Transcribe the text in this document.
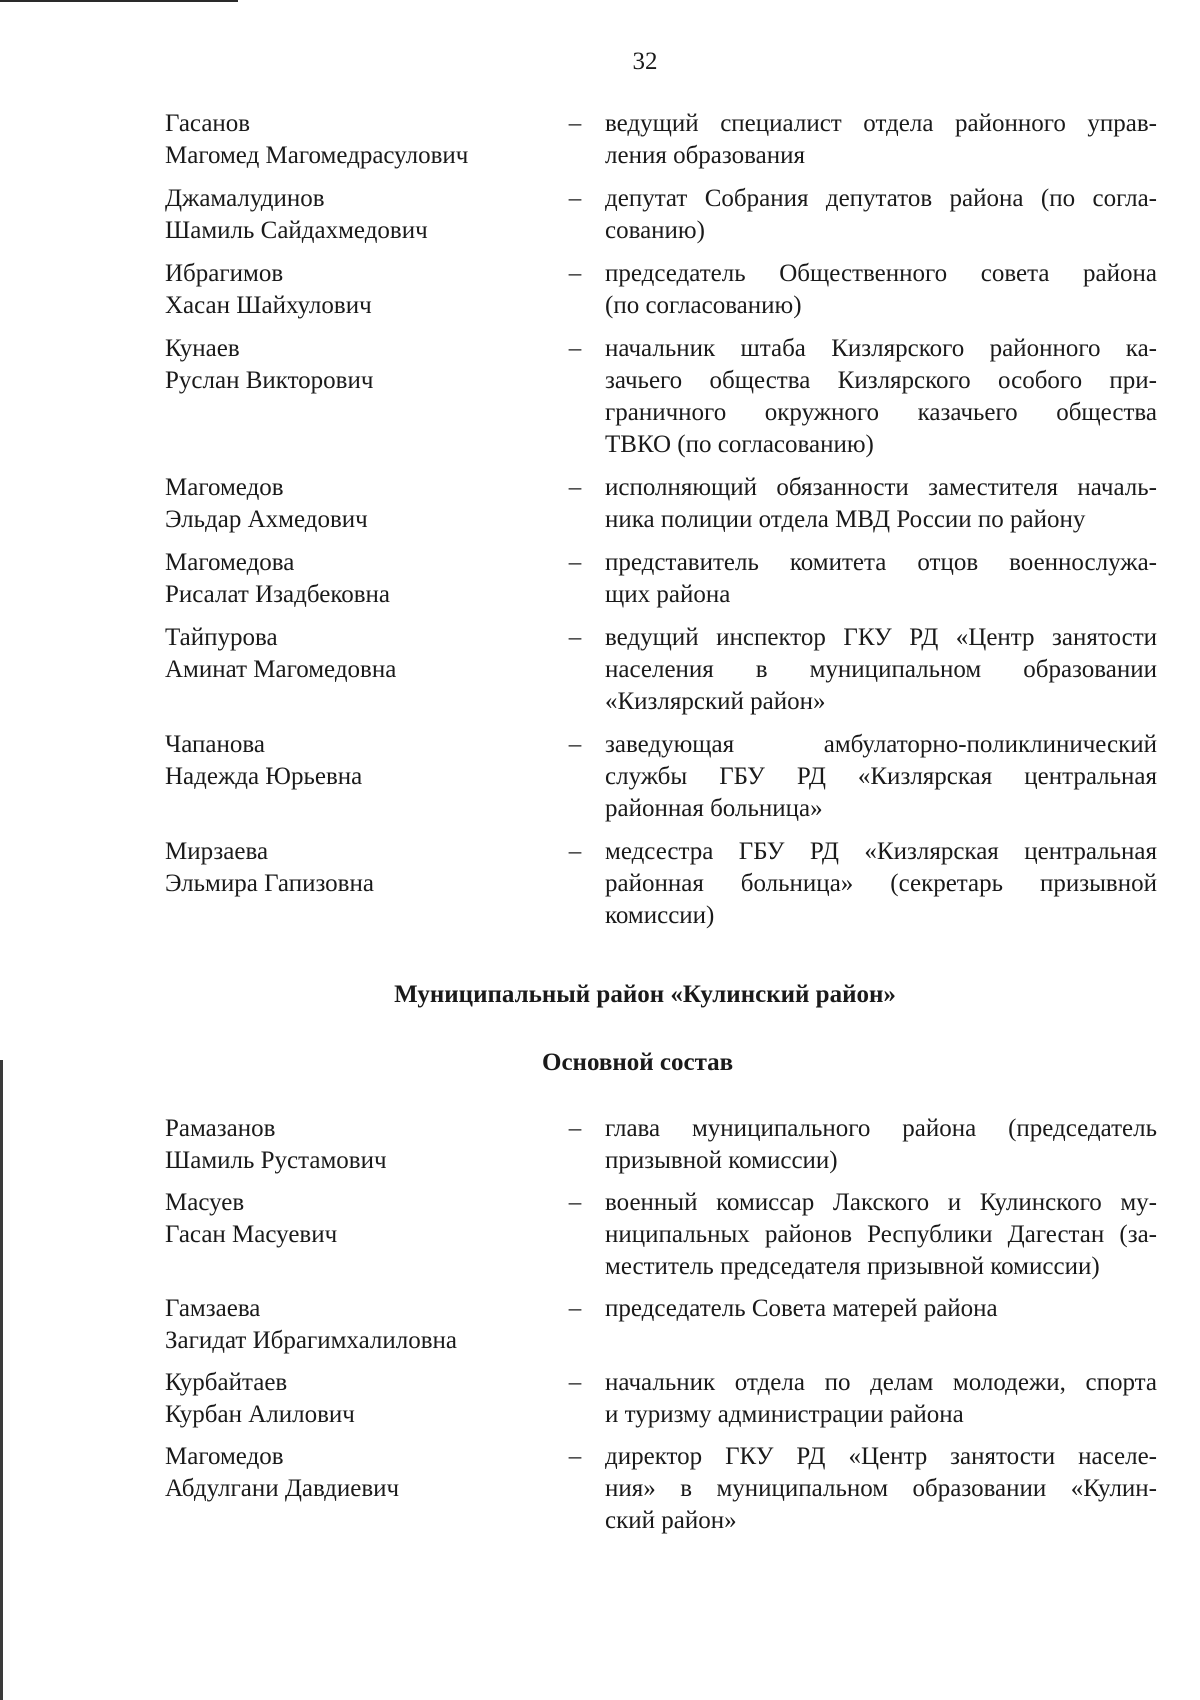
32
Гасанов
Магомед Магомедрасулович
– ведущий специалист отдела районного управ-
ления образования
Джамалудинов
Шамиль Сайдахмедович
– депутат Собрания депутатов района (по согла-
сованию)
Ибрагимов
Хасан Шайхулович
– председатель Общественного совета района
(по согласованию)
Кунаев
Руслан Викторович
– начальник штаба Кизлярского районного ка-
зачьего общества Кизлярского особого при-
граничного окружного казачьего общества
ТВКО (по согласованию)
Магомедов
Эльдар Ахмедович
– исполняющий обязанности заместителя началь-
ника полиции отдела МВД России по району
Магомедова
Рисалат Изадбековна
– представитель комитета отцов военнослужа-
щих района
Тайпурова
Аминат Магомедовна
– ведущий инспектор ГКУ РД «Центр занятости
населения в муниципальном образовании
«Кизлярский район»
Чапанова
Надежда Юрьевна
– заведующая амбулаторно-поликлинический
службы ГБУ РД «Кизлярская центральная
районная больница»
Мирзаева
Эльмира Гапизовна
– медсестра ГБУ РД «Кизлярская центральная
районная больница» (секретарь призывной
комиссии)
Муниципальный район «Кулинский район»
Основной состав
Рамазанов
Шамиль Рустамович
– глава муниципального района (председатель
призывной комиссии)
Масуев
Гасан Масуевич
– военный комиссар Лакского и Кулинского му-
ниципальных районов Республики Дагестан (за-
меститель председателя призывной комиссии)
Гамзаева
Загидат Ибрагимхалиловна
– председатель Совета матерей района
Курбайтаев
Курбан Алилович
– начальник отдела по делам молодежи, спорта
и туризму администрации района
Магомедов
Абдулгани Давдиевич
– директор ГКУ РД «Центр занятости населе-
ния» в муниципальном образовании «Кулин-
ский район»
